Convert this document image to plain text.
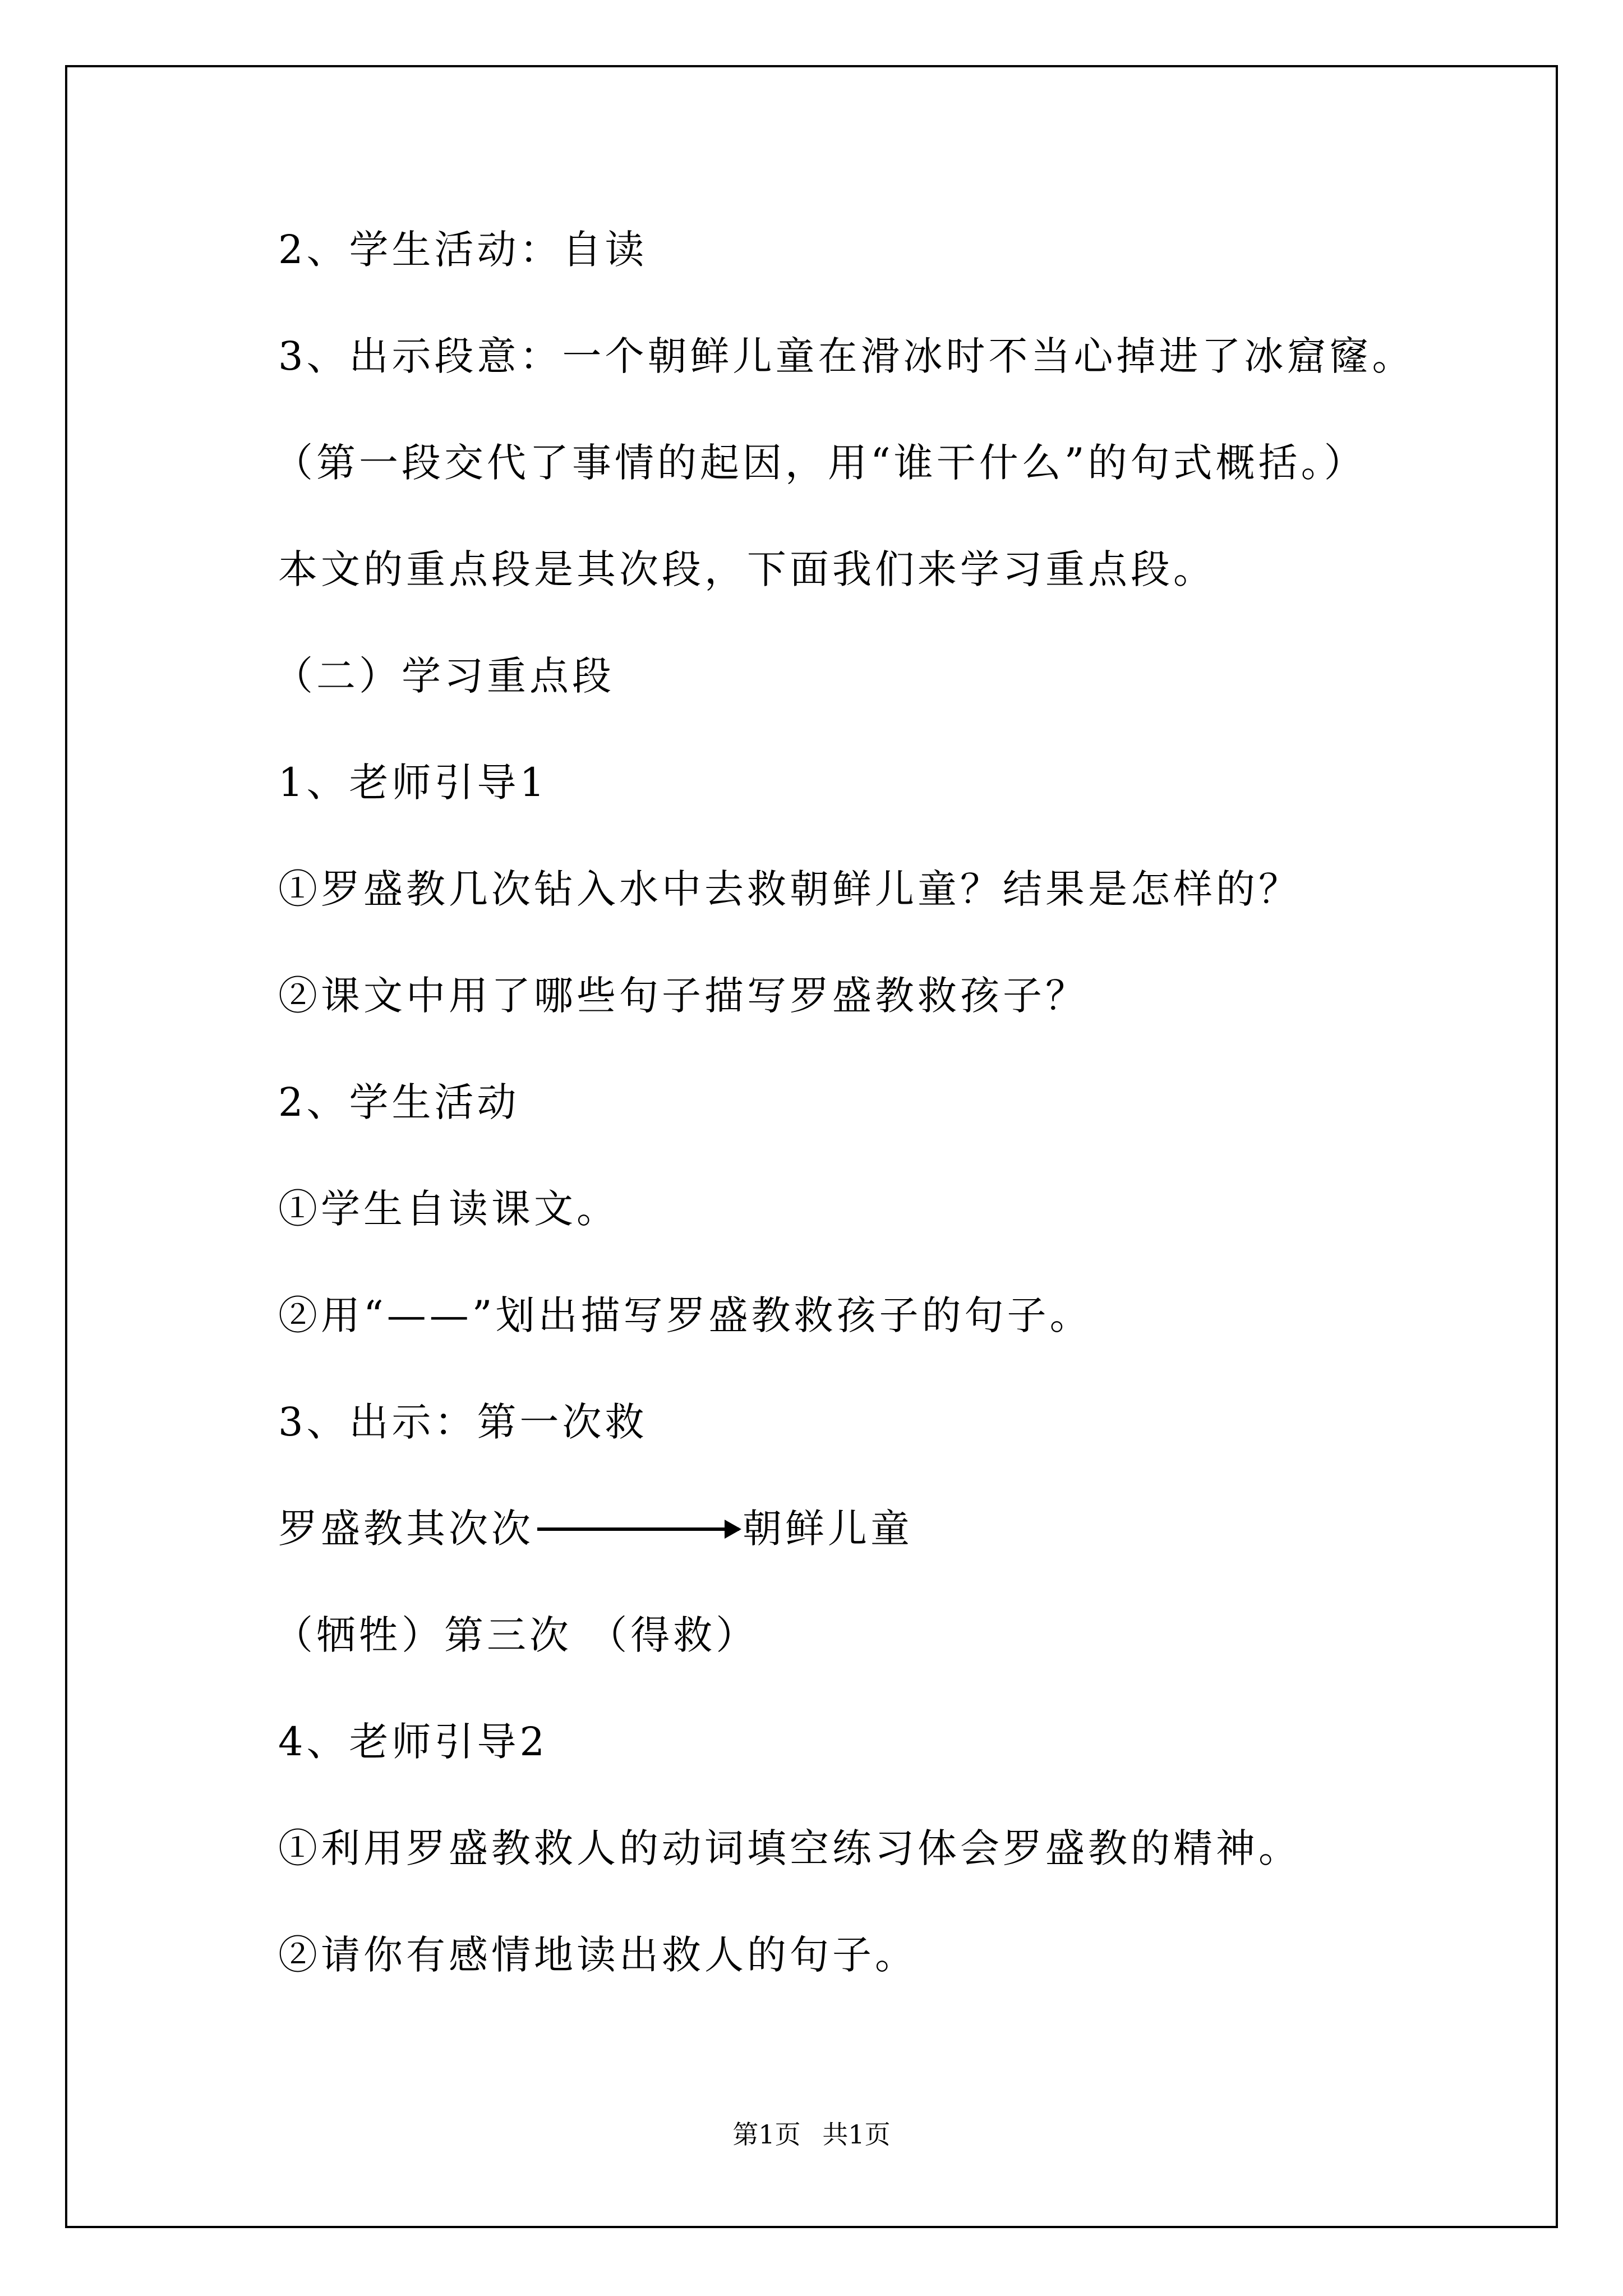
2、学生活动：自读
3、出示段意：一个朝鲜儿童在滑冰时不当心掉进了冰窟窿。
（第一段交代了事情的起因，用“谁干什么”的句式概括。）
本文的重点段是其次段，下面我们来学习重点段。
（二）学习重点段
1、老师引导1
①罗盛教几次钻入水中去救朝鲜儿童？结果是怎样的？
②课文中用了哪些句子描写罗盛教救孩子？
2、学生活动
①学生自读课文。
②用“——”划出描写罗盛教救孩子的句子。
3、出示：第一次救
罗盛教其次次	朝鲜儿童
（牺牲）第三次 （得救）
4、老师引导2
①利用罗盛教救人的动词填空练习体会罗盛教的精神。
②请你有感情地读出救人的句子。
第1页 共1页
